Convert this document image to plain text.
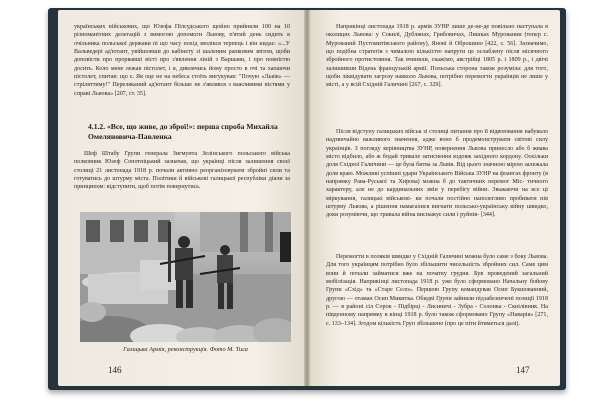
українських військових, що Юзефа Пілсудського щойно прийняли 100 на 10 різноманітних делегацій з вимогою допомоги Львову, п'ятий день сидить в очільника польської держави пі що часу похід зволікся терпець і він кидає: «...У Вальведері ад'ютант, увійшовши до кабінету зі шаленим рапковим звітом, щоби доповісти про прорвавші вісті про з'явлення ліній з Варшави, і про повністю досить. Коло мене лежав пістолет, і я, дивлячись йому просто в очі та хапаючи пістолет, спитав: що є. Як оце не на небеса стоїть вигукував: "Почую «Львів» — стріляттиму!" Переляканий ад'ютант більше не з'являвся з важливими вістями у справі Львова» [207, ст. 35].

4.1.2. «Все, що живе, до зброї!»: перша спроба Михайла Омеляновича-Павленка

Шеф Штабу Групи генерала Зигмунта Зелінського польського війська полковник Юзеф Сопотніцький зазначав, що українці після залишення своєї столиці 21 листопада 1918 р. почали активно реорганізовувати збройні сили та готуватись до штурму міста. Політики й військові галицької республіки діяли за принципом: відступити, щоб потім повернутись.

Галицька Армія, реконструкція. Фото М. Тиса
146

Наприкінці листопада 1918 р. армія ЗУНР лише де-не-де повільно наступала в околицях Львова: у Сокилі, Дублянах, Грибовичах, Лишках Муровании (тепер с. Мурований Пустомитівського району), Янові й Оброшино [422, с. 56]. Зазначимо, що подібна стратегія з чималою кількістю напруги це ослаблену після місячного збройного протистояння. Так вчинили, скажімо, австрійці 1805 р. і 1809 р., і двічі залишивши Відень французькій армії. Польська сторона також розуміла: для того, щоби ліквідувати загрозу навколо Львова, потрібно перемогти українців не лише у місті, а у всій Східній Галичині [267, с. 329].

Після відступу галицьких військ зі столиці питання про її відвоювання набувало надзвичайно важливого значення, адже воно б продемонструвати світові силу українців. З погляду керівництва ЗУНР, повернення Львова принесло або б жвава місто відбило, або ж бодай тривале затиснення вздовж західного кордону. Оскільки доля Східної Галичини — це була битва за Львів. Від цього значною мірою залежала доля краю. Можливі успішні удари Українського Війська ЗУНР на флангах фронту (в напрямку Рава-Руської та Хирова) можна б до тактичних перемог Міс- тичного характеру, але не до кардинальних змін у перебігу війни. Зважаючи на все ці міркування, галицькі військові- ки почали постійно наполегливо пробивати пів штурму Львова, а рішення намагалися вигнати польсько-українську війну швидко, доки розуміючи, що тривала війна виснажує сили і руйнів- [344].

Перемогти в поляків швидко у Східній Галичині можна було саме з боку Львова. Для того українцям потрібно було збільшити чисельність збройних сил. Саме цим вони й почали займатися вже на початку грудня. Був проведений загальний мобілізація. Наприкінці листопада 1918 р. уже було сформовано Начальну бойову Групи «Схід» та «Старе Село». Першою Групу командував Осип Букшованний, другою — отаман Осип Микитка. Обидві Групи зайняли підзабезпечені позиції 1918 р. — в районі сіл Сорок - Підбірці - Лисиничі - Зубра - Солонка - Скнілівник. На південному напрямку в кінці 1918 р. було також сформовано Групу «Наварія» [271, с. 133–134]. Згодом кількість Груп збільшено (про це піти йтиметься далі).

147
